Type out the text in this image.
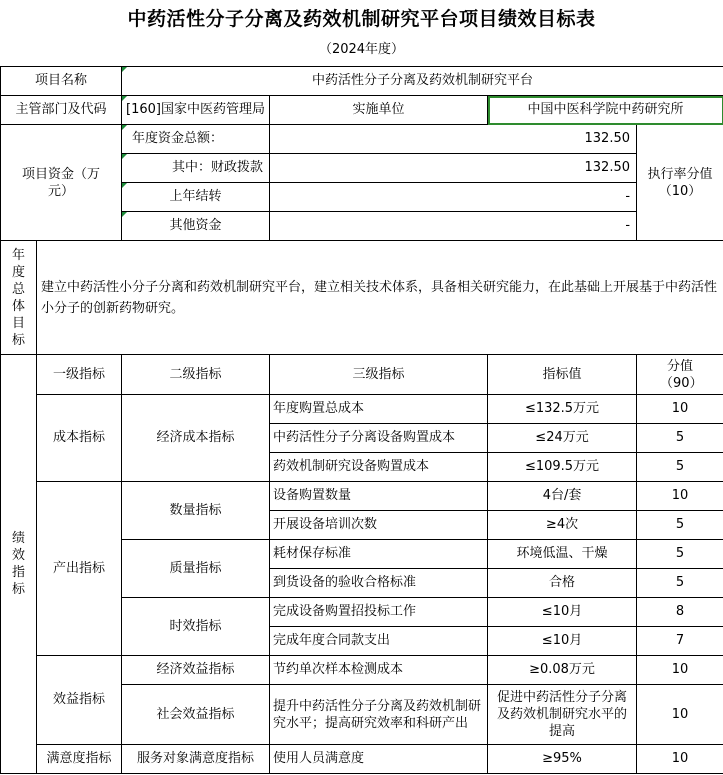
中药活性分子分离及药效机制研究平台项目绩效目标表
（2024年度）
项目名称		中药活性分子分离及药效机制研究平台			
主管部门及代码		[160]国家中医药管理局	实施单位	中国中医科学院中药研究所	
项目资金（万元）		年度资金总额：	132.50		执行率分值（10）
		其中：财政拨款	132.50		
		上年结转	-		
		其他资金	-		
年度总体目标	建立中药活性小分子分离和药效机制研究平台，建立相关技术体系，具备相关研究能力，在此基础上开展基于中药活性小分子的创新药物研究。				
绩效指标	一级指标	二级指标	三级指标	指标值	分值（90）
	成本指标	经济成本指标	年度购置总成本	≤132.5万元	10
			中药活性分子分离设备购置成本	≤24万元	5
			药效机制研究设备购置成本	≤109.5万元	5
	产出指标	数量指标	设备购置数量	4台/套	10
			开展设备培训次数	≥4次	5
		质量指标	耗材保存标准	环境低温、干燥	5
			到货设备的验收合格标准	合格	5
		时效指标	完成设备购置招投标工作	≤10月	8
			完成年度合同款支出	≤10月	7
	效益指标	经济效益指标	节约单次样本检测成本	≥0.08万元	10
		社会效益指标	提升中药活性分子分离及药效机制研究水平；提高研究效率和科研产出	促进中药活性分子分离及药效机制研究水平的提高	10
	满意度指标	服务对象满意度指标	使用人员满意度	≥95%	10
